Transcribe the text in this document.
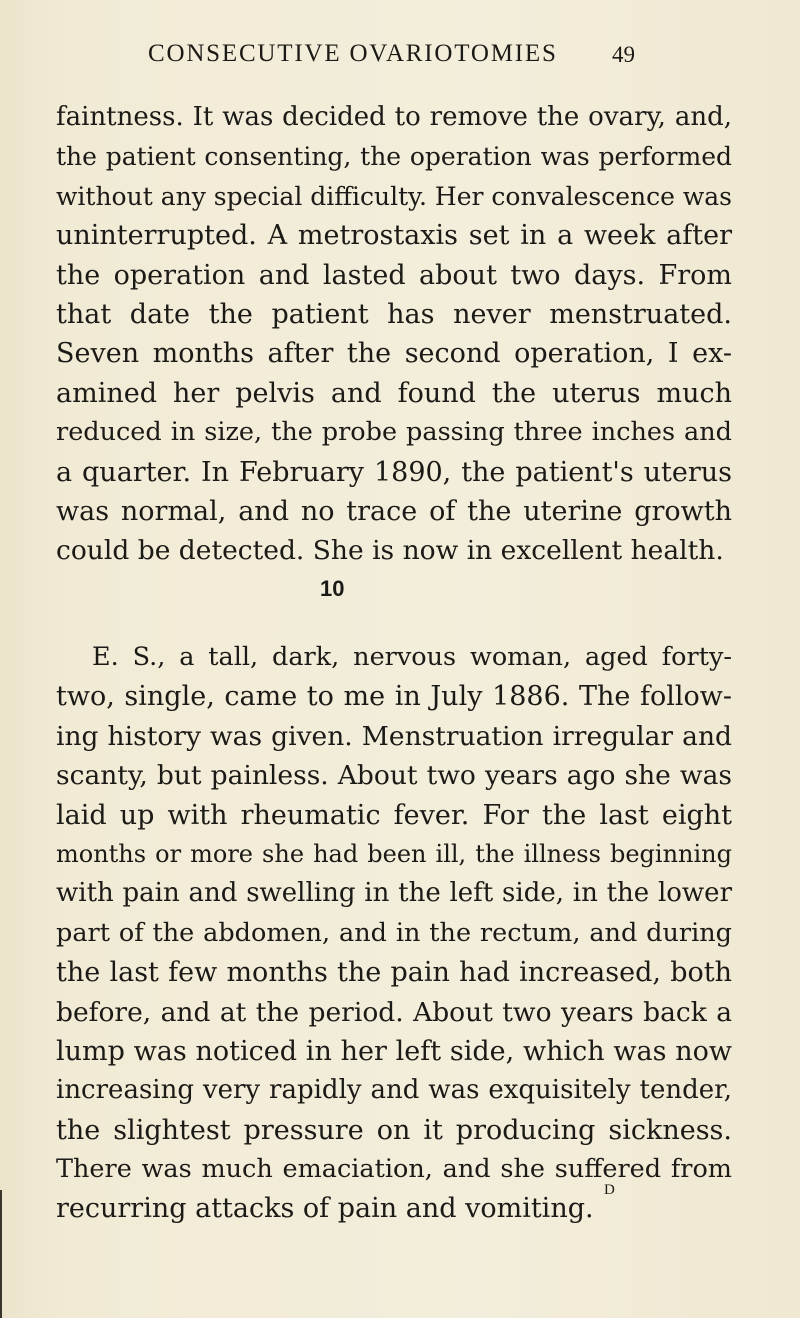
CONSECUTIVE OVARIOTOMIES 49
faintness. It was decided to remove the ovary, and,
the patient consenting, the operation was performed
without any special difficulty. Her convalescence was
uninterrupted. A metrostaxis set in a week after
the operation and lasted about two days. From
that date the patient has never menstruated.
Seven months after the second operation, I ex-
amined her pelvis and found the uterus much
reduced in size, the probe passing three inches and
a quarter. In February 1890, the patient's uterus
was normal, and no trace of the uterine growth
could be detected. She is now in excellent health.
10
E. S., a tall, dark, nervous woman, aged forty-
two, single, came to me in July 1886. The follow-
ing history was given. Menstruation irregular and
scanty, but painless. About two years ago she was
laid up with rheumatic fever. For the last eight
months or more she had been ill, the illness beginning
with pain and swelling in the left side, in the lower
part of the abdomen, and in the rectum, and during
the last few months the pain had increased, both
before, and at the period. About two years back a
lump was noticed in her left side, which was now
increasing very rapidly and was exquisitely tender,
the slightest pressure on it producing sickness.
There was much emaciation, and she suffered from
recurring attacks of pain and vomiting.
D
